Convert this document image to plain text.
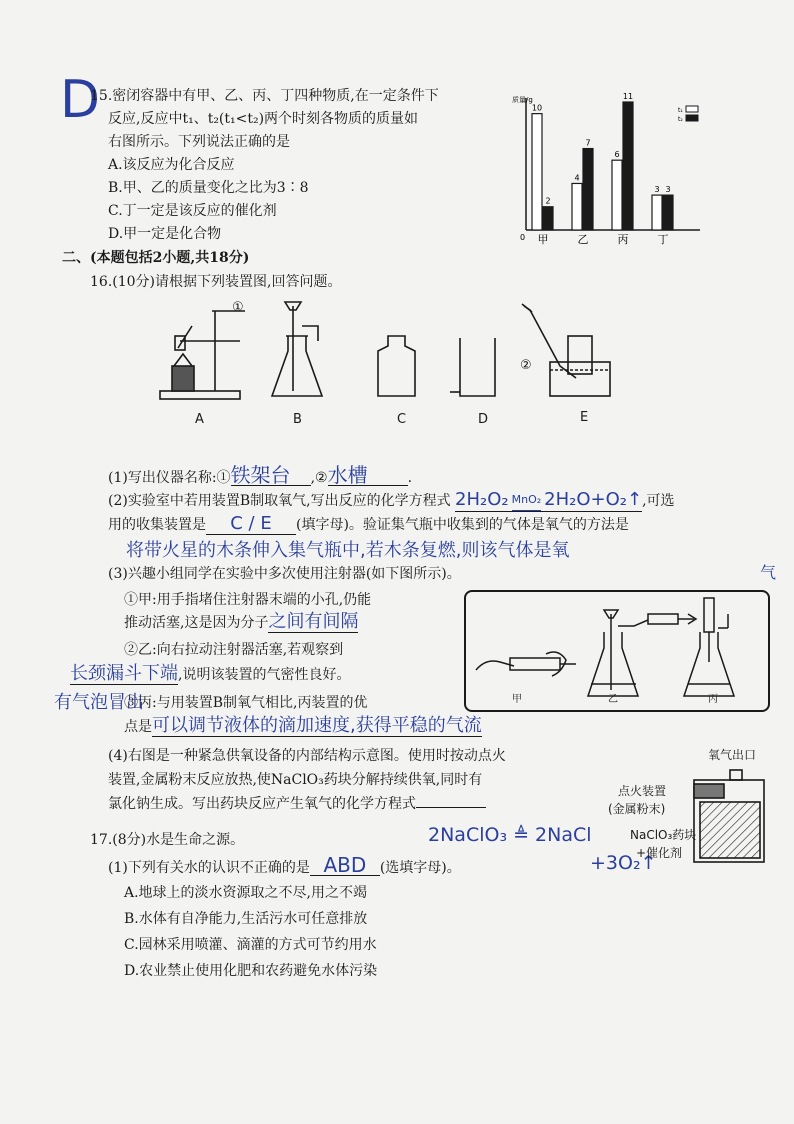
D
15.密闭容器中有甲、乙、丙、丁四种物质,在一定条件下
反应,反应中t₁、t₂(t₁<t₂)两个时刻各物质的质量如
右图所示。下列说法正确的是
A.该反应为化合反应
B.甲、乙的质量变化之比为3∶8
C.丁一定是该反应的催化剂
D.甲一定是化合物
质量/g
0
10
2
甲
4
7
乙
6
11
丙
3 3
丁
t₁
t₂
二、(本题包括2小题,共18分)
16.(10分)请根据下列装置图,回答问题。
①
②
A	B	C	D	E
(1)写出仪器名称:①铁架台 ,②水槽	.
(2)实验室中若用装置B制取氧气,写出反应的化学方程式 2H₂O₂ MnO₂ 2H₂O+O₂↑,可选
用的收集装置是 C / E (填字母)。验证集气瓶中收集到的气体是氧气的方法是
将带火星的木条伸入集气瓶中,若木条复燃,则该气体是氧
气
(3)兴趣小组同学在实验中多次使用注射器(如下图所示)。
①甲:用手指堵住注射器末端的小孔,仍能
推动活塞,这是因为分子之间有间隔
②乙:向右拉动注射器活塞,若观察到
长颈漏斗下端,说明该装置的气密性良好。
有气泡冒出
③丙:与用装置B制氧气相比,丙装置的优
点是可以调节液体的滴加速度,获得平稳的气流
甲	乙	丙
(4)右图是一种紧急供氧设备的内部结构示意图。使用时按动点火
装置,金属粉末反应放热,使NaClO₃药块分解持续供氧,同时有
氯化钠生成。写出药块反应产生氧气的化学方程式
2NaClO₃ ≜ 2NaCl
+3O₂↑
氧气出口
点火装置
(金属粉末)
NaClO₃药块
+催化剂
17.(8分)水是生命之源。
(1)下列有关水的认识不正确的是 ABD (选填字母)。
A.地球上的淡水资源取之不尽,用之不竭
B.水体有自净能力,生活污水可任意排放
C.园林采用喷灌、滴灌的方式可节约用水
D.农业禁止使用化肥和农药避免水体污染
